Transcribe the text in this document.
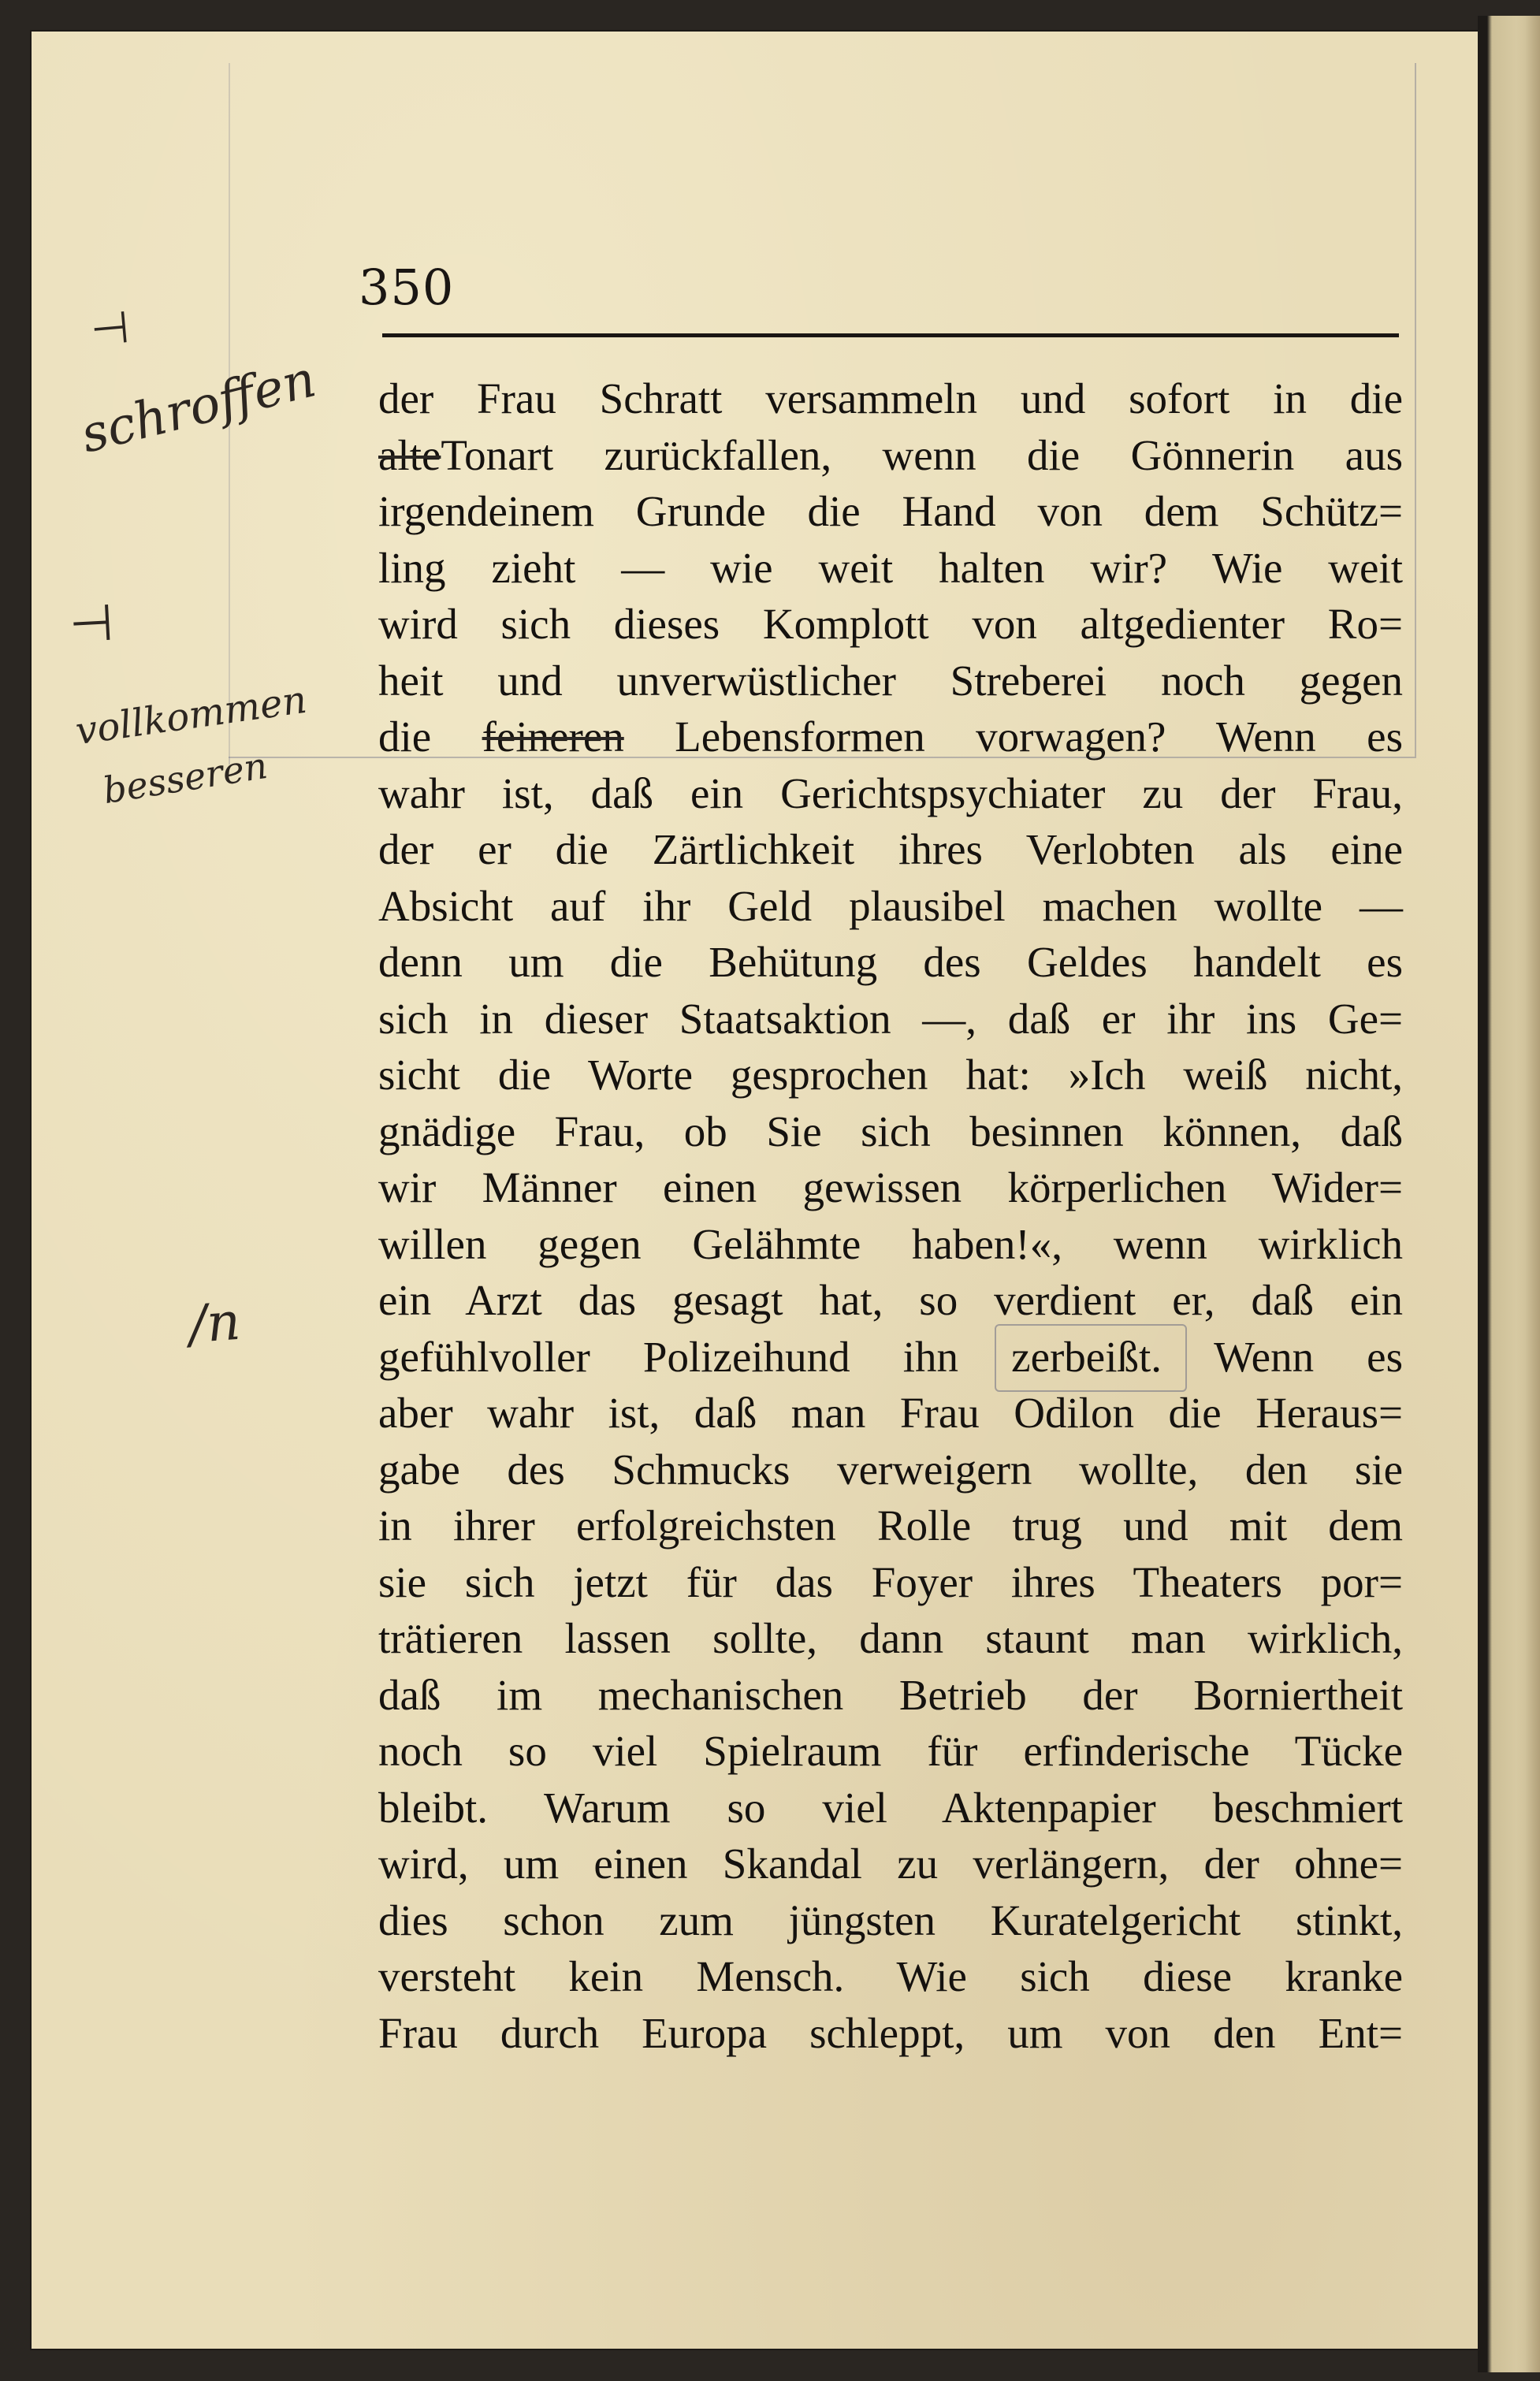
350
⊣
schroffen
⊣
vollkommen
besseren
/n
der Frau Schratt versammeln und sofort in die
alteTonart zurückfallen, wenn die Gönnerin aus
irgendeinem Grunde die Hand von dem Schütz=
ling zieht — wie weit halten wir? Wie weit
wird sich dieses Komplott von altgedienter Ro=
heit und unverwüstlicher Streberei noch gegen
die feineren Lebensformen vorwagen? Wenn es
wahr ist, daß ein Gerichtspsychiater zu der Frau,
der er die Zärtlichkeit ihres Verlobten als eine
Absicht auf ihr Geld plausibel machen wollte —
denn um die Behütung des Geldes handelt es
sich in dieser Staatsaktion —, daß er ihr ins Ge=
sicht die Worte gesprochen hat: »Ich weiß nicht,
gnädige Frau, ob Sie sich besinnen können, daß
wir Männer einen gewissen körperlichen Wider=
willen gegen Gelähmte haben!«, wenn wirklich
ein Arzt das gesagt hat, so verdient er, daß ein
gefühlvoller Polizeihund ihn zerbeißt. Wenn es
aber wahr ist, daß man Frau Odilon die Heraus=
gabe des Schmucks verweigern wollte, den sie
in ihrer erfolgreichsten Rolle trug und mit dem
sie sich jetzt für das Foyer ihres Theaters por=
trätieren lassen sollte, dann staunt man wirklich,
daß im mechanischen Betrieb der Borniertheit
noch so viel Spielraum für erfinderische Tücke
bleibt. Warum so viel Aktenpapier beschmiert
wird, um einen Skandal zu verlängern, der ohne=
dies schon zum jüngsten Kuratelgericht stinkt,
versteht kein Mensch. Wie sich diese kranke
Frau durch Europa schleppt, um von den Ent=
